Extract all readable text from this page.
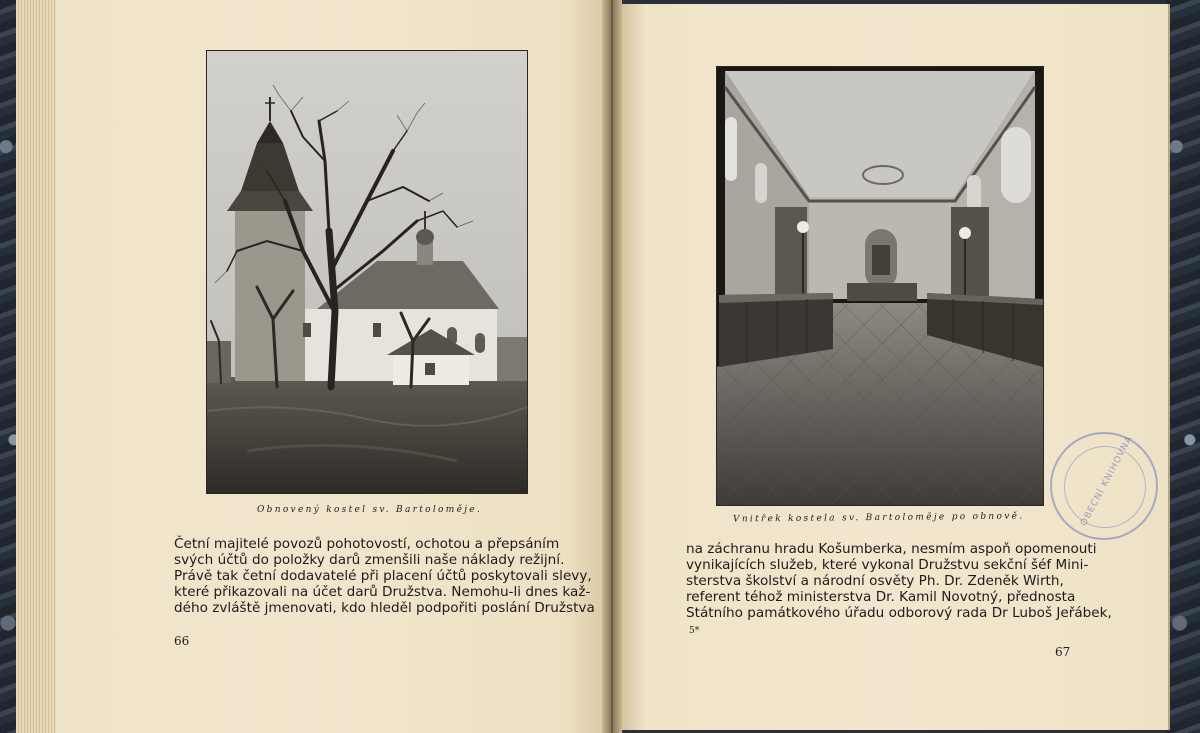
Obnovený kostel sv. Bartoloměje.
Četní majitelé povozů pohotovostí, ochotou a přepsáním
svých účtů do položky darů zmenšili naše náklady režijní.
Právě tak četní dodavatelé při placení účtů poskytovali slevy,
které přikazovali na účet darů Družstva. Nemohu-li dnes kaž-
dého zvláště jmenovati, kdo hleděl podpořiti poslání Družstva
66
Vnitřek kostela sv. Bartoloměje po obnově.
na záchranu hradu Košumberka, nesmím aspoň opomenouti
vynikajících služeb, které vykonal Družstvu sekční šéf Mini-
sterstva školství a národní osvěty Ph. Dr. Zdeněk Wirth,
referent téhož ministerstva Dr. Kamil Novotný, přednosta
Státního památkového úřadu odborový rada Dr Luboš Jeřábek,
5*
67
OBECNÍ KNIHOVNA
